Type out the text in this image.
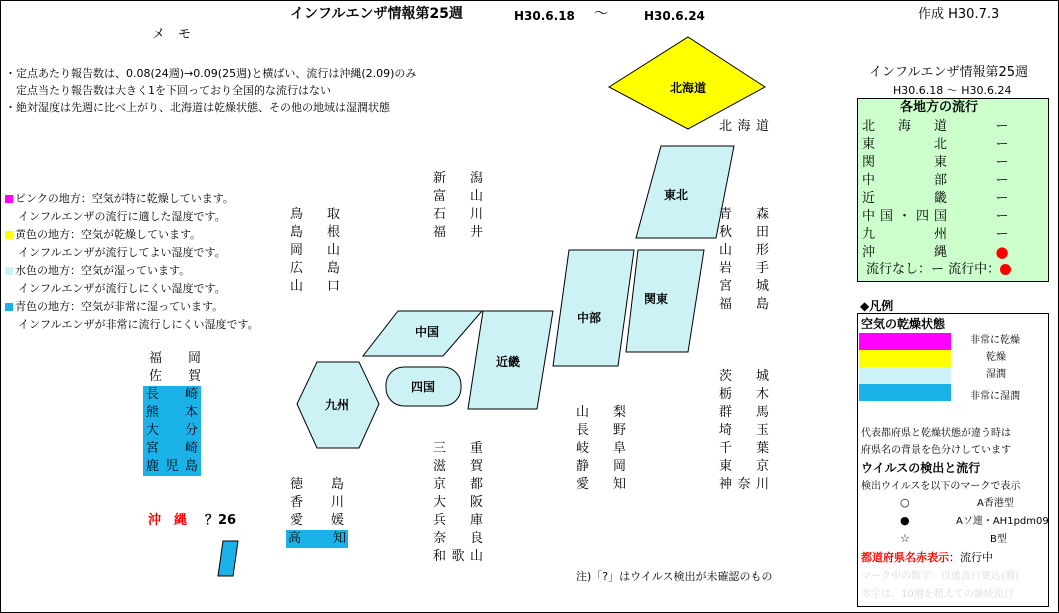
インフルエンザ情報第25週	H30.6.18 〜	H30.6.24	作成 H30.7.3
メ　モ
・定点あたり報告数は、0.08(24週)→0.09(25週)と横ばい、流行は沖縄(2.09)のみ
　定点当たり報告数は大きく1を下回っており全国的な流行はない
・絶対湿度は先週に比べ上がり、北海道は乾燥状態、その他の地域は湿潤状態
ピンクの地方：空気が特に乾燥しています。
インフルエンザの流行に適した湿度です。
黄色の地方：空気が乾燥しています。
インフルエンザが流行してよい湿度です。
水色の地方：空気が湿っています。
インフルエンザが流行しにくい湿度です。
青色の地方：空気が非常に湿っています。
インフルエンザが非常に流行しにくい湿度です。
北海道
東北
関東
中部
近畿
中国
四国
九州
北海道
青森
秋田
山形
岩手
宮城
福島
茨城
栃木
群馬
埼玉
千葉
東京
神奈川
山梨
長野
岐阜
静岡
愛知
新潟
富山
石川
福井
鳥取
島根
岡山
広島
山口
三重
滋賀
京都
大阪
兵庫
奈良
和歌山
徳島
香川
愛媛
高知
福岡
佐賀
長崎
熊本
大分
宮崎
鹿児島
沖　縄 ？26
注)「?」はウイルス検出が未確認のもの
インフルエンザ情報第25週
H30.6.18 〜 H30.6.24
各地方の流行
北海道	ー
東北	ー
関東	ー
中部	ー
近畿	ー
中国・四国	ー
九州	ー
沖縄	●
流行なし：ー 流行中：
◆凡例
空気の乾燥状態
非常に乾燥
乾燥
湿潤
非常に湿潤
代表都府県と乾燥状態が違う時は
府県名の背景を色分けしています
ウイルスの検出と流行
検出ウイルスを以下のマークで表示
○	A香港型
●	Aソ連・AH1pdm09
☆	B型
都道府県名赤表示：流行中
マーク中の数字：以後流行更込(週)
赤字は、10週を超えての継続流行
